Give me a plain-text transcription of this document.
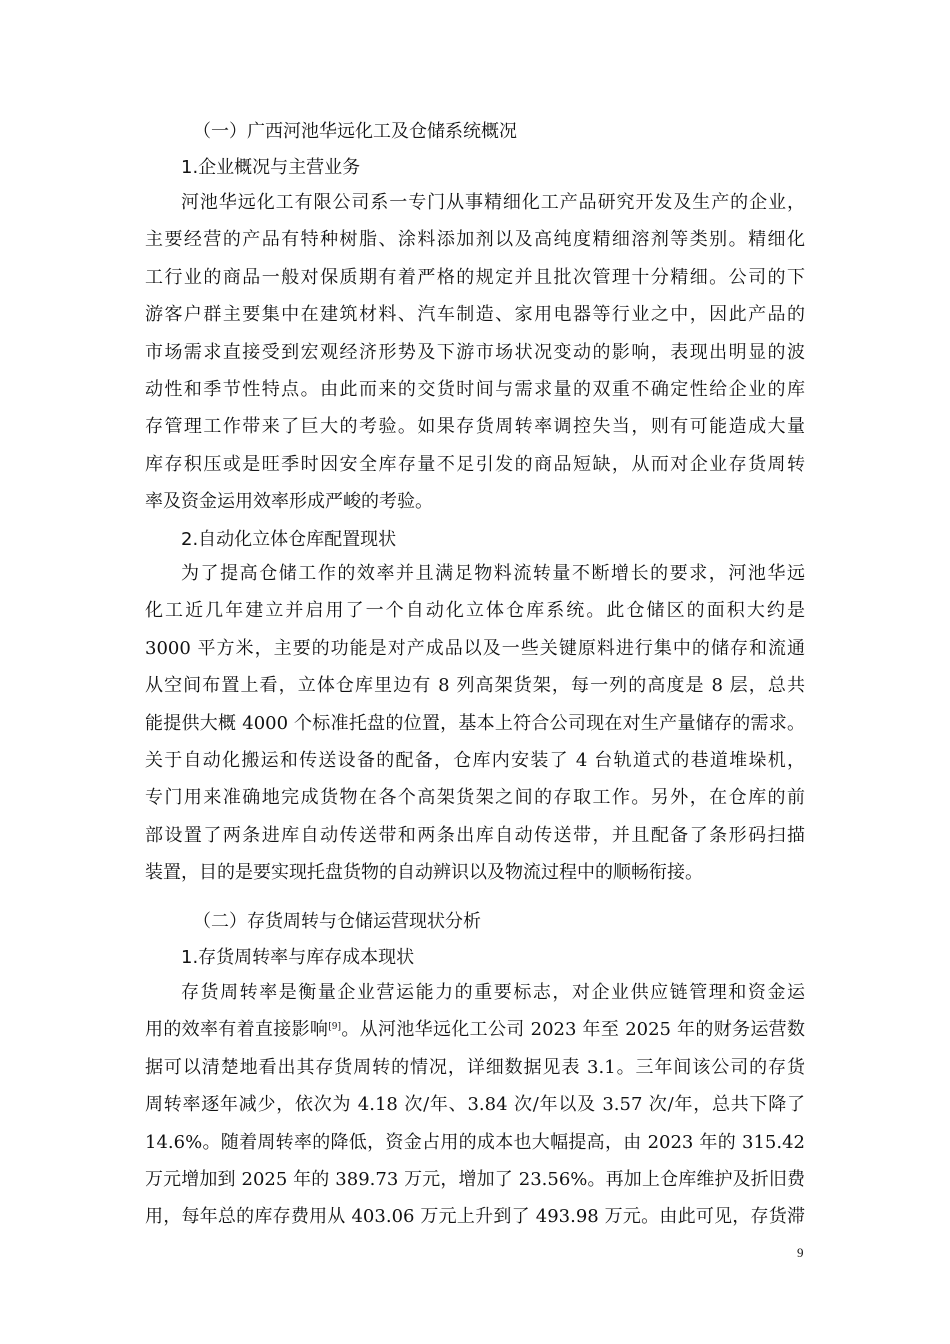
（一）广西河池华远化工及仓储系统概况
1.企业概况与主营业务
河池华远化工有限公司系一专门从事精细化工产品研究开发及生产的企业，
主要经营的产品有特种树脂、涂料添加剂以及高纯度精细溶剂等类别。精细化
工行业的商品一般对保质期有着严格的规定并且批次管理十分精细。公司的下
游客户群主要集中在建筑材料、汽车制造、家用电器等行业之中，因此产品的
市场需求直接受到宏观经济形势及下游市场状况变动的影响，表现出明显的波
动性和季节性特点。由此而来的交货时间与需求量的双重不确定性给企业的库
存管理工作带来了巨大的考验。如果存货周转率调控失当，则有可能造成大量
库存积压或是旺季时因安全库存量不足引发的商品短缺，从而对企业存货周转
率及资金运用效率形成严峻的考验。
2.自动化立体仓库配置现状
为了提高仓储工作的效率并且满足物料流转量不断增长的要求，河池华远
化工近几年建立并启用了一个自动化立体仓库系统。此仓储区的面积大约是
3000 平方米，主要的功能是对产成品以及一些关键原料进行集中的储存和流通
从空间布置上看，立体仓库里边有 8 列高架货架，每一列的高度是 8 层，总共
能提供大概 4000 个标准托盘的位置，基本上符合公司现在对生产量储存的需求。
关于自动化搬运和传送设备的配备，仓库内安装了 4 台轨道式的巷道堆垛机，
专门用来准确地完成货物在各个高架货架之间的存取工作。另外，在仓库的前
部设置了两条进库自动传送带和两条出库自动传送带，并且配备了条形码扫描
装置，目的是要实现托盘货物的自动辨识以及物流过程中的顺畅衔接。
（二）存货周转与仓储运营现状分析
1.存货周转率与库存成本现状
存货周转率是衡量企业营运能力的重要标志，对企业供应链管理和资金运
用的效率有着直接影响[9]。从河池华远化工公司 2023 年至 2025 年的财务运营数
据可以清楚地看出其存货周转的情况，详细数据见表 3.1。三年间该公司的存货
周转率逐年减少，依次为 4.18 次/年、3.84 次/年以及 3.57 次/年，总共下降了
14.6%。随着周转率的降低，资金占用的成本也大幅提高，由 2023 年的 315.42
万元增加到 2025 年的 389.73 万元，增加了 23.56%。再加上仓库维护及折旧费
用，每年总的库存费用从 403.06 万元上升到了 493.98 万元。由此可见，存货滞
9
